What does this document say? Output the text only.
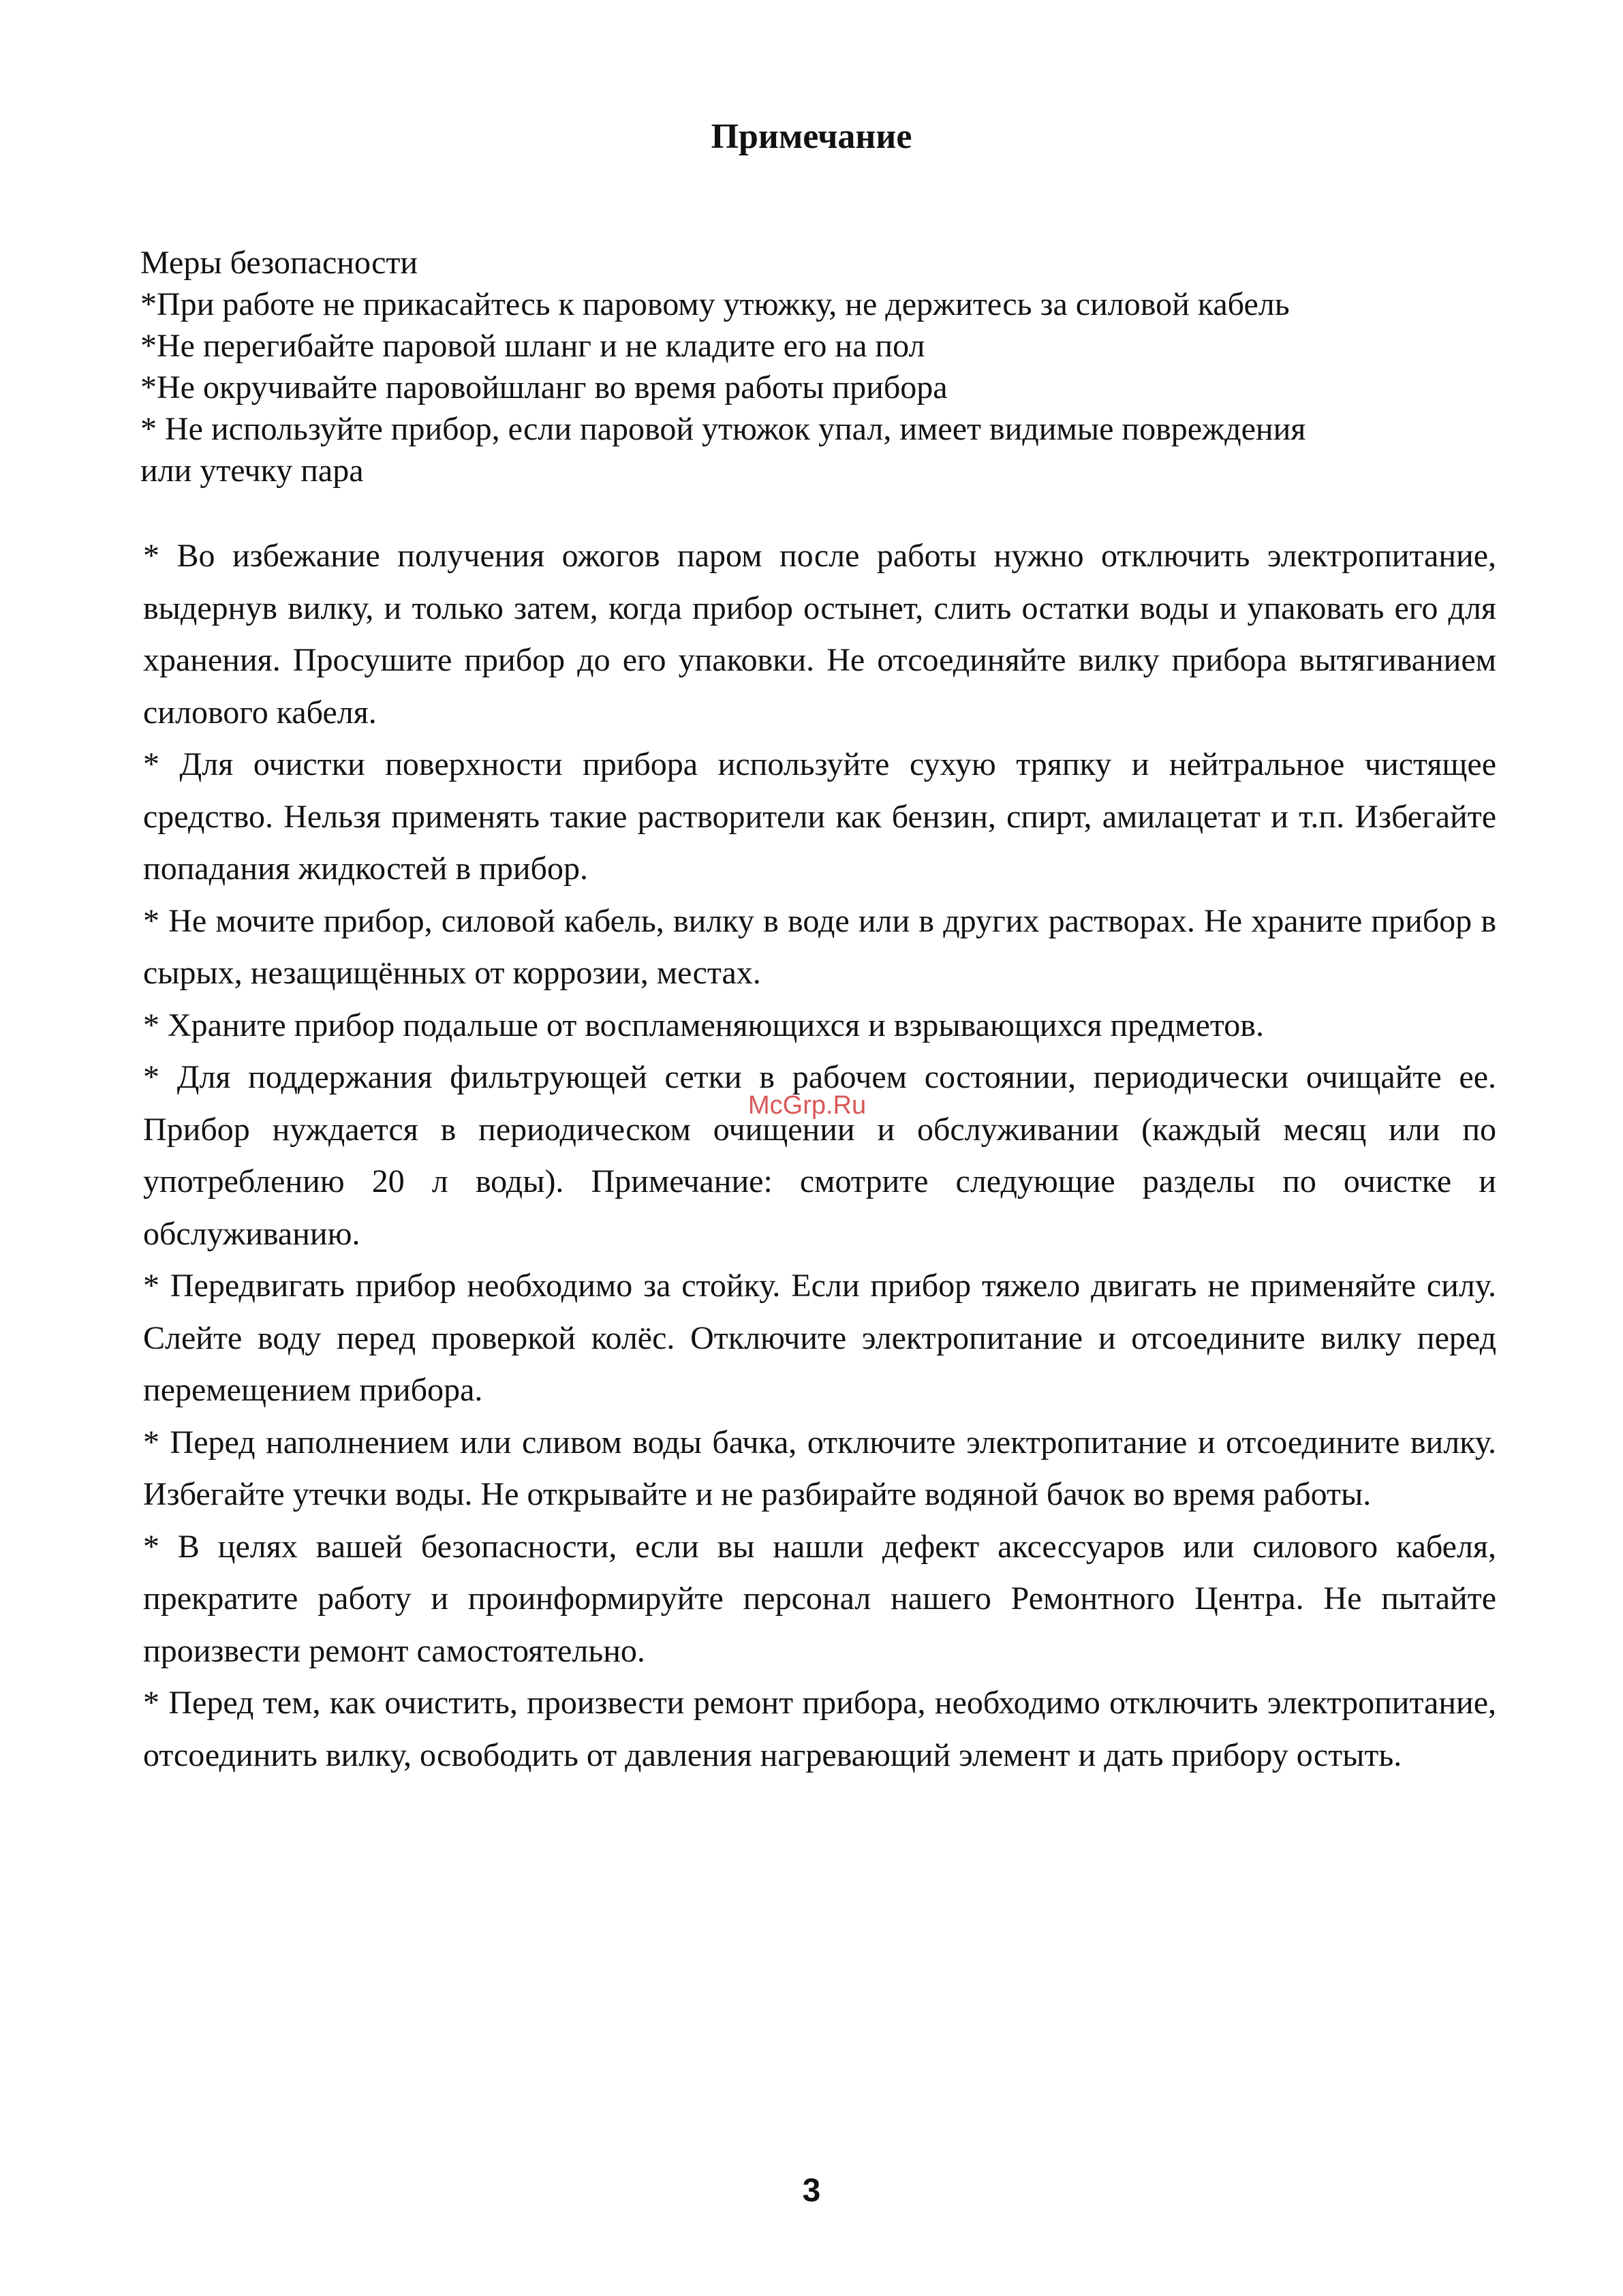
Примечание
Меры безопасности
*При работе не прикасайтесь к паровому утюжку, не держитесь за силовой кабель
*Не перегибайте паровой шланг и не кладите его на пол
*Не окручивайте паровойшланг во время работы прибора
* Не используйте прибор, если паровой утюжок упал, имеет видимые повреждения
или утечку пара

* Во избежание получения ожогов паром после работы нужно отключить электропитание, выдернув вилку, и только затем, когда прибор остынет, слить остатки воды и упаковать его для хранения. Просушите прибор до его упаковки. Не отсоединяйте вилку прибора вытягиванием силового кабеля.

* Для очистки поверхности прибора используйте сухую тряпку и нейтральное чистящее средство. Нельзя применять такие растворители как бензин, спирт, амилацетат и т.п. Избегайте попадания жидкостей в прибор.

* Не мочите прибор, силовой кабель, вилку в воде или в других растворах. Не храните прибор в сырых, незащищённых от коррозии, местах.

* Храните прибор подальше от воспламеняющихся и взрывающихся предметов.

* Для поддержания фильтрующей сетки в рабочем состоянии, периодически очищайте ее. Прибор нуждается в периодическом очищении и обслуживании (каждый месяц или по употреблению 20 л воды). Примечание: смотрите следующие разделы по очистке и обслуживанию.

* Передвигать прибор необходимо за стойку. Если прибор тяжело двигать не применяйте силу. Слейте воду перед проверкой колёс. Отключите электропитание и отсоедините вилку перед перемещением прибора.

* Перед наполнением или сливом воды бачка, отключите электропитание и отсоедините вилку. Избегайте утечки воды. Не открывайте и не разбирайте водяной бачок во время работы.

* В целях вашей безопасности, если вы нашли дефект аксессуаров или силового кабеля, прекратите работу и проинформируйте персонал нашего Ремонтного Центра. Не пытайте произвести ремонт самостоятельно.

* Перед тем, как очистить, произвести ремонт прибора, необходимо отключить электропитание, отсоединить вилку, освободить от давления нагревающий элемент и дать прибору остыть.

McGrp.Ru
3
